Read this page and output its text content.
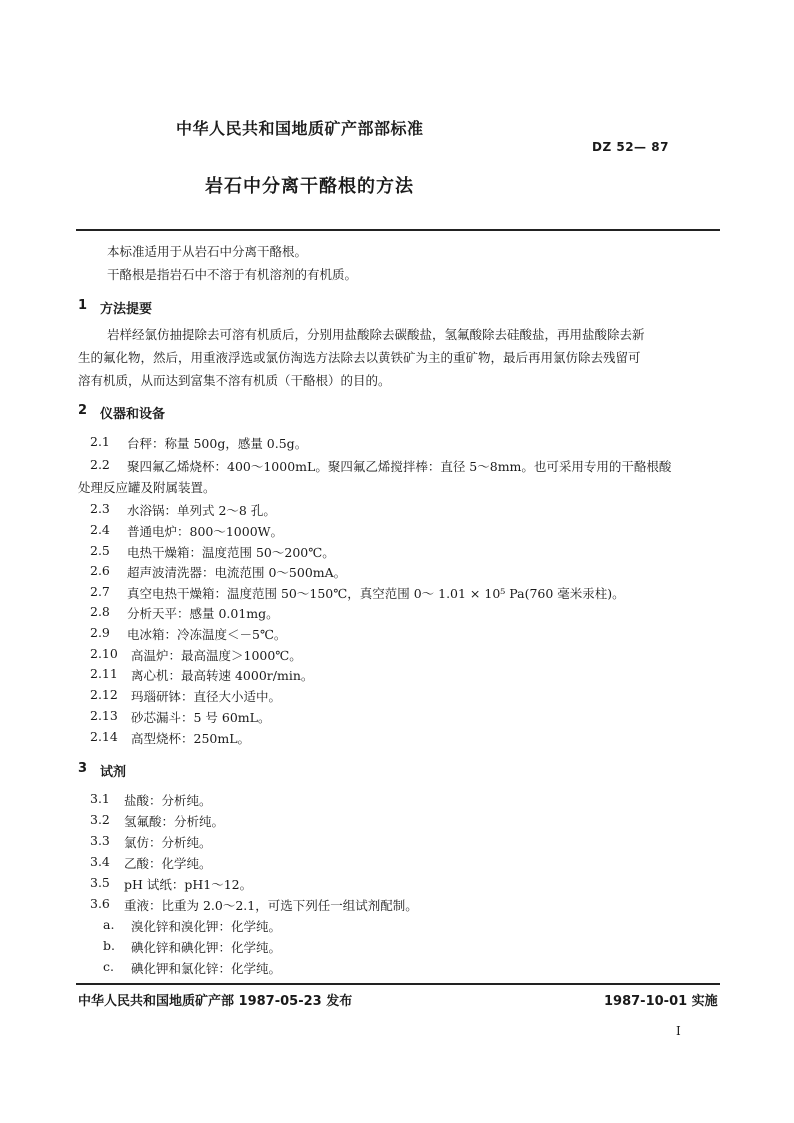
中华人民共和国地质矿产部部标准
DZ 52— 87
岩石中分离干酪根的方法
本标准适用于从岩石中分离干酪根。
干酪根是指岩石中不溶于有机溶剂的有机质。
1 方法提要
岩样经氯仿抽提除去可溶有机质后，分别用盐酸除去碳酸盐，氢氟酸除去硅酸盐，再用盐酸除去新
生的氟化物，然后，用重液浮选或氯仿淘选方法除去以黄铁矿为主的重矿物，最后再用氯仿除去残留可
溶有机质，从而达到富集不溶有机质（干酪根）的目的。
2 仪器和设备
2.1 台秤：称量 500g，感量 0.5g。
2.2 聚四氟乙烯烧杯：400～1000mL。聚四氟乙烯搅拌棒：直径 5～8mm。也可采用专用的干酪根酸
处理反应罐及附属装置。
2.3 水浴锅：单列式 2～8 孔。
2.4 普通电炉：800～1000W。
2.5 电热干燥箱：温度范围 50～200℃。
2.6 超声波清洗器：电流范围 0～500mA。
2.7 真空电热干燥箱：温度范围 50～150℃，真空范围 0～ 1.01 × 10⁵ Pa(760 毫米汞柱)。
2.8 分析天平：感量 0.01mg。
2.9 电冰箱：冷冻温度＜－5℃。
2.10 高温炉：最高温度＞1000℃。
2.11 离心机：最高转速 4000r/min。
2.12 玛瑙研钵：直径大小适中。
2.13 砂芯漏斗：5 号 60mL。
2.14 高型烧杯：250mL。
3 试剂
3.1 盐酸：分析纯。
3.2 氢氟酸：分析纯。
3.3 氯仿：分析纯。
3.4 乙酸：化学纯。
3.5 pH 试纸：pH1～12。
3.6 重液：比重为 2.0～2.1，可选下列任一组试剂配制。
a. 溴化锌和溴化钾：化学纯。
b. 碘化锌和碘化钾：化学纯。
c. 碘化钾和氯化锌：化学纯。
中华人民共和国地质矿产部 1987-05-23 发布	1987-10-01 实施
I
